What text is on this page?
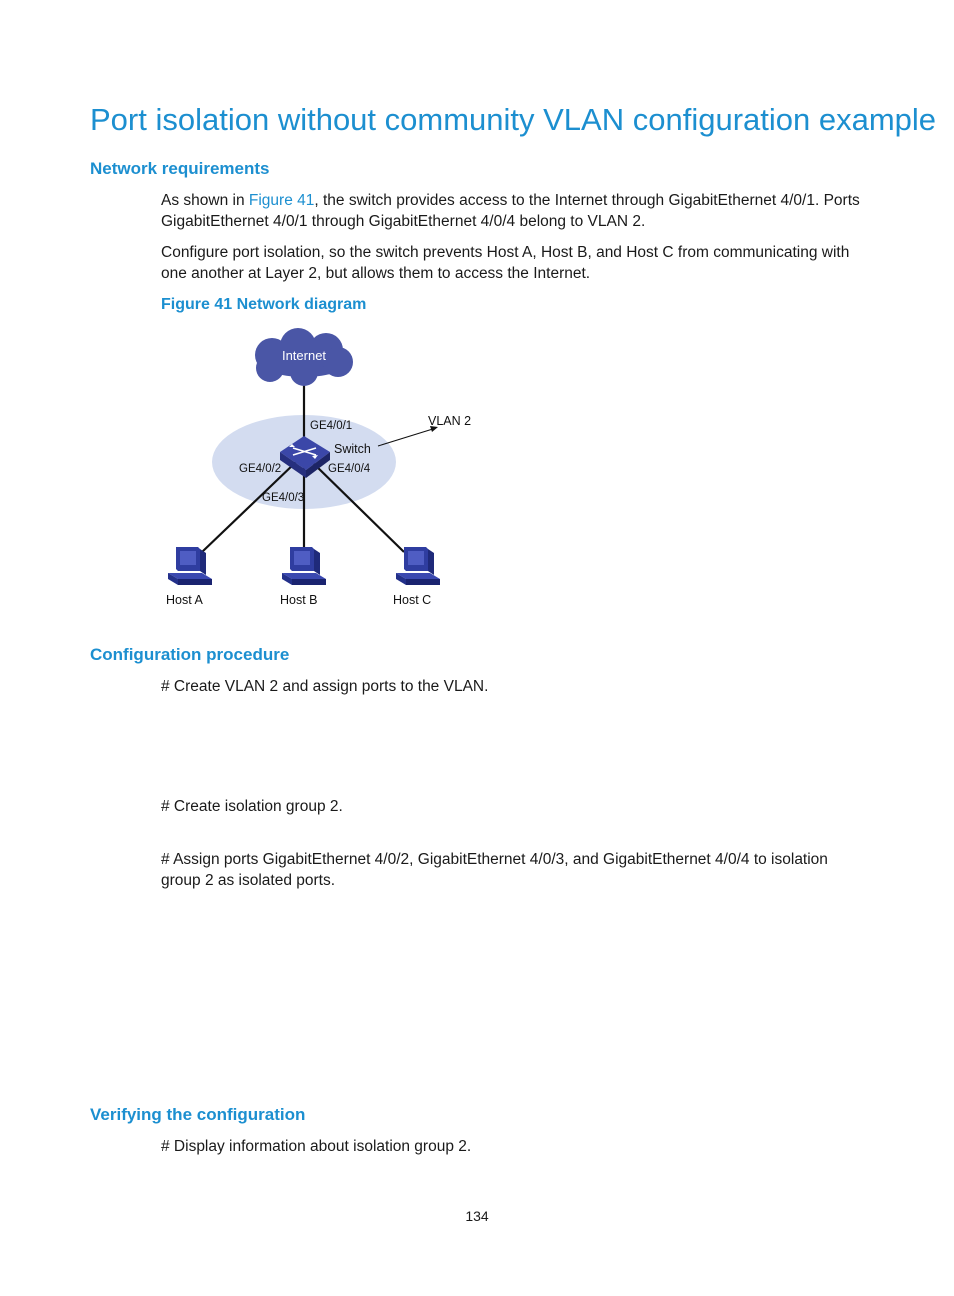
Port isolation without community VLAN configuration example
Network requirements
As shown in Figure 41, the switch provides access to the Internet through GigabitEthernet 4/0/1. Ports GigabitEthernet 4/0/1 through GigabitEthernet 4/0/4 belong to VLAN 2.
Configure port isolation, so the switch prevents Host A, Host B, and Host C from communicating with one another at Layer 2, but allows them to access the Internet.
Figure 41 Network diagram
Internet
GE4/0/1
Switch
VLAN 2
GE4/0/2	GE4/0/4
GE4/0/3
Host A	Host B	Host C
Configuration procedure
# Create VLAN 2 and assign ports to the VLAN.
# Create isolation group 2.
# Assign ports GigabitEthernet 4/0/2, GigabitEthernet 4/0/3, and GigabitEthernet 4/0/4 to isolation group 2 as isolated ports.
Verifying the configuration
# Display information about isolation group 2.
134
